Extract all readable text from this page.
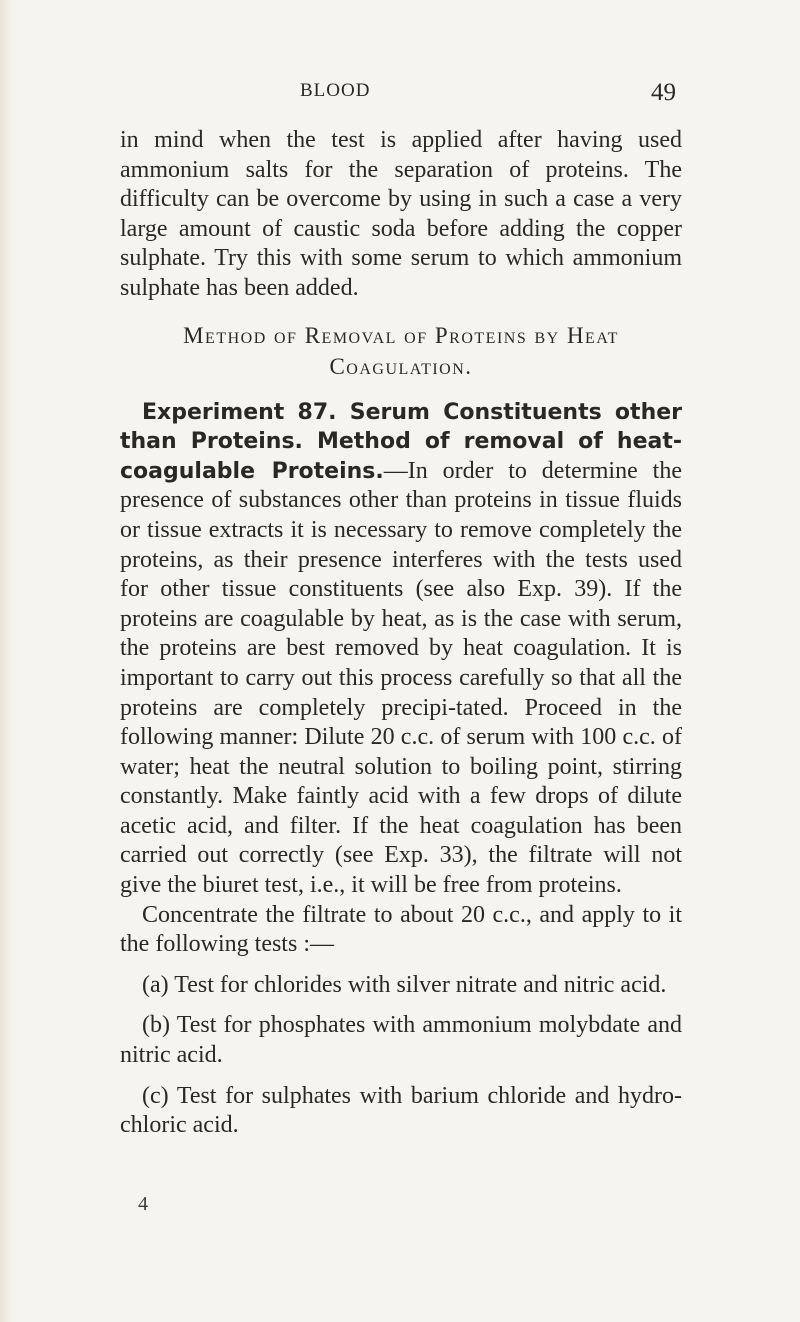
BLOOD	49

in mind when the test is applied after having used ammonium salts for the separation of proteins. The difficulty can be overcome by using in such a case a very large amount of caustic soda before adding the copper sulphate. Try this with some serum to which ammonium sulphate has been added.

Method of Removal of Proteins by Heat
Coagulation.

Experiment 87. Serum Constituents other than Proteins. Method of removal of heat-coagulable Proteins.—In order to determine the presence of substances other than proteins in tissue fluids or tissue extracts it is necessary to remove completely the proteins, as their presence interferes with the tests used for other tissue constituents (see also Exp. 39). If the proteins are coagulable by heat, as is the case with serum, the proteins are best removed by heat coagulation. It is important to carry out this process carefully so that all the proteins are completely precipi-tated. Proceed in the following manner: Dilute 20 c.c. of serum with 100 c.c. of water; heat the neutral solution to boiling point, stirring constantly. Make faintly acid with a few drops of dilute acetic acid, and filter. If the heat coagulation has been carried out correctly (see Exp. 33), the filtrate will not give the biuret test, i.e., it will be free from proteins.

Concentrate the filtrate to about 20 c.c., and apply to it the following tests :—

(a) Test for chlorides with silver nitrate and nitric acid.

(b) Test for phosphates with ammonium molybdate and nitric acid.

(c) Test for sulphates with barium chloride and hydro-chloric acid.

4
